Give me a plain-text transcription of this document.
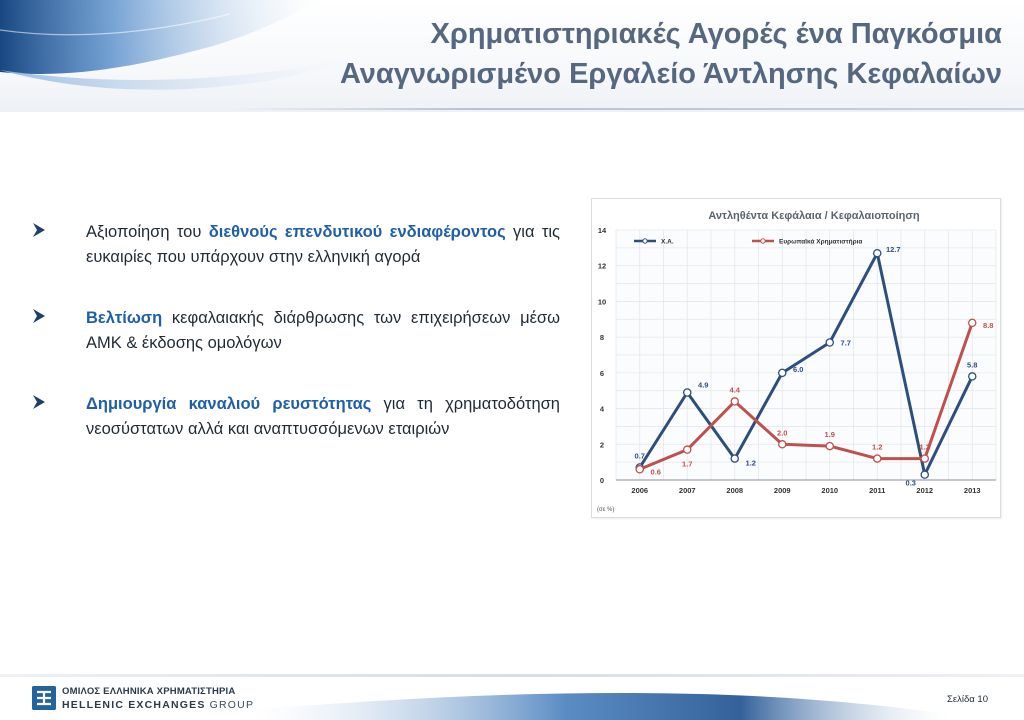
Χρηματιστηριακές Αγορές ένα Παγκόσμια
Αναγνωρισμένο Εργαλείο Άντλησης Κεφαλαίων
Αξιοποίηση του διεθνούς επενδυτικού ενδιαφέροντος για τις ευκαιρίες που υπάρχουν στην ελληνική αγορά
Βελτίωση κεφαλαιακής διάρθρωσης των επιχειρήσεων μέσω ΑΜΚ & έκδοσης ομολόγων
Δημιουργία καναλιού ρευστότητας για τη χρηματοδότηση νεοσύστατων αλλά και αναπτυσσόμενων εταιριών
Αντληθέντα Κεφάλαια / Κεφαλαιοποίηση
0
2
4
6
8
10
12
14
2006	2007	2008	2009	2010	2011	2012	2013
0.7
4.9
1.2
6.0
7.7
12.7
0.3
5.8
0.6
1.7
4.4
2.0	1.9
1.2	1.2
8.8
Χ.Α.	Ευρωπαϊκά Χρηματιστήρια
(σε %)
ΟΜΙΛΟΣ ΕΛΛΗΝΙΚΑ ΧΡΗΜΑΤΙΣΤΗΡΙΑ
HELLENIC EXCHANGES GROUP	Σελίδα 10
